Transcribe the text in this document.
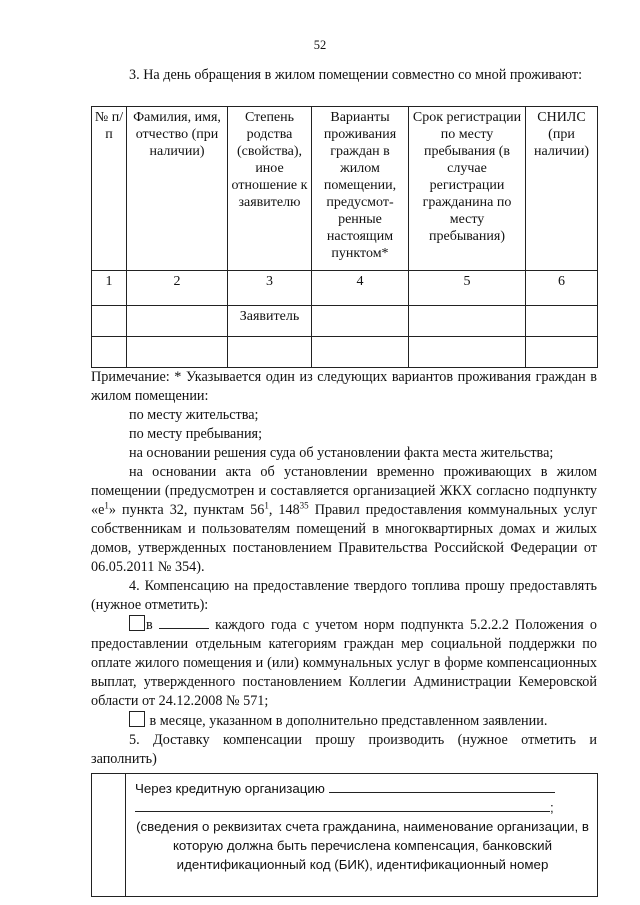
52

3. На день обращения в жилом помещении совместно со мной проживают:

№ п/п	Фамилия, имя, отчество (при наличии)	Степень родства (свойства), иное отношение к заявителю	Варианты проживания граждан в жилом помещении, предусмот-ренные настоящим пунктом*	Срок регистрации по месту пребывания (в случае регистрации гражданина по месту пребывания)	СНИЛС (при наличии)
1	2	3	4	5	6
		Заявитель			

Примечание: * Указывается один из следующих вариантов проживания граждан в жилом помещении:

по месту жительства;

по месту пребывания;

на основании решения суда об установлении факта места жительства;

на основании акта об установлении временно проживающих в жилом помещении (предусмотрен и составляется организацией ЖКХ согласно подпункту «$е^1$» пункта 32, пунктам $56^1$, $148^{35}$ Правил предоставления коммунальных услуг собственникам и пользователям помещений в многоквартирных домах и жилых домов, утвержденных постановлением Правительства Российской Федерации от 06.05.2011 № 354).

4. Компенсацию на предоставление твердого топлива прошу предоставлять (нужное отметить):

в	каждого года с учетом норм подпункта 5.2.2.2 Положения о предоставлении отдельным категориям граждан мер социальной поддержки по оплате жилого помещения и (или) коммунальных услуг в форме компенсационных выплат, утвержденного постановлением Коллегии Администрации Кемеровской области от 24.12.2008 № 571;

в месяце, указанном в дополнительно представленном заявлении.

5. Доставку компенсации прошу производить (нужное отметить и заполнить)

Через кредитную организацию
;
(сведения о реквизитах счета гражданина, наименование организации, в которую должна быть перечислена компенсация, банковский идентификационный код (БИК), идентификационный номер
